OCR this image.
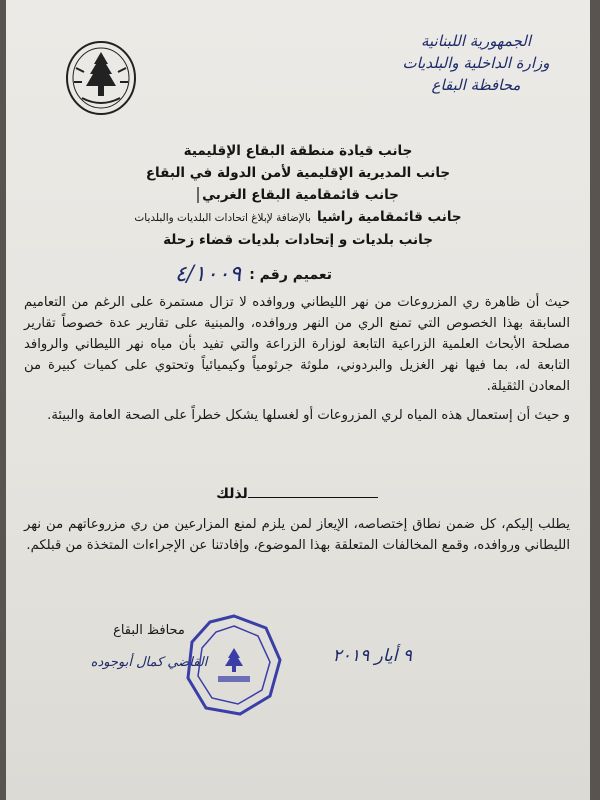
الجمهورية اللبنانية
وزارة الداخلية والبلديات
محافظة البقاع
جانب قيادة منطقة البقاع الإقليمية
جانب المديرية الإقليمية لأمن الدولة في البقاع
جانب قائمقامية البقاع الغربي
جانب قائمقامية راشيابالإضافة لإبلاغ اتحادات البلديات والبلديات
جانب بلديات و إتحادات بلديات قضاء زحلة
تعميم رقم :
٤/١٠٠٩

حيث أن ظاهرة ري المزروعات من نهر الليطاني وروافده لا تزال مستمرة على الرغم من التعاميم السابقة بهذا الخصوص التي تمنع الري من النهر وروافده، والمبنية على تقارير عدة خصوصاً تقارير مصلحة الأبحاث العلمية الزراعية التابعة لوزارة الزراعة والتي تفيد بأن مياه نهر الليطاني والروافد التابعة له، بما فيها نهر الغزيل والبردوني، ملوثة جرثومياً وكيميائياً وتحتوي على كميات كبيرة من المعادن الثقيلة.

و حيث أن إستعمال هذه المياه لري المزروعات أو لغسلها يشكل خطراً على الصحة العامة والبيئة.

لذلك
يطلب إليكم، كل ضمن نطاق إختصاصه، الإيعاز لمن يلزم لمنع المزارعين من ري مزروعاتهم من نهر الليطاني وروافده، وقمع المخالفات المتعلقة بهذا الموضوع، وإفادتنا عن الإجراءات المتخذة من قبلكم.
محافظ البقاع
القاضي كمال أبوجوده	٩ أيار ٢٠١٩
